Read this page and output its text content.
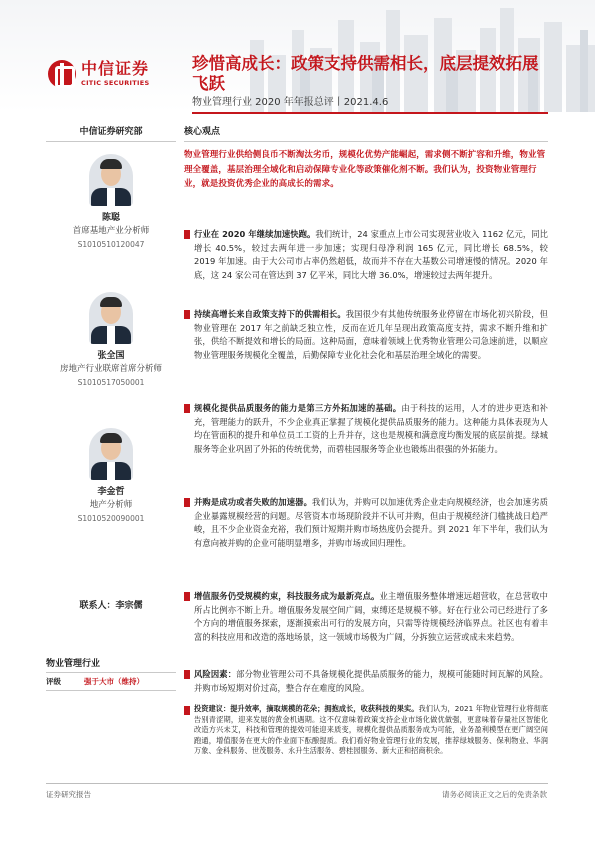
中信证券
CITIC SECURITIES
珍惜高成长：政策支持供需相长，底层提效拓展飞跃
物业管理行业 2020 年年报总评丨2021.4.6
中信证券研究部
陈聪
首席基地产业分析师
S1010510120047
张全国
房地产行业联席首席分析师
S1010517050001
李金哲
地产分析师
S1010520090001
联系人：李宗儒
物业管理行业
评级	强于大市（维持）
核心观点
物业管理行业供给侧良币不断淘汰劣币，规模化优势产能崛起，需求侧不断扩容和升维，物业管理全覆盖，基层治理全域化和启动保障专业化等政策催化剂不断。我们认为，投资物业管理行业，就是投资优秀企业的高成长的需求。
行业在 2020 年继续加速快跑。我们统计，24 家重点上市公司实现营业收入 1162 亿元，同比增长 40.5%，较过去两年进一步加速；实现归母净利润 165 亿元，同比增长 68.5%，较 2019 年加速。由于大公司市占率仍然超低，故而并不存在大基数公司增速慢的情况。2020 年底，这 24 家公司在管达到 37 亿平米，同比大增 36.0%，增速较过去两年提升。
持续高增长来自政策支持下的供需相长。我国很少有其他传统服务业停留在市场化初兴阶段，但物业管理在 2017 年之前缺乏独立性，反而在近几年呈现出政策高度支持，需求不断升维和扩张，供给不断提效和增长的局面。这种局面，意味着领域上优秀物业管理公司急速前进，以顺应物业管理服务规模化全覆盖，后勤保障专业化社会化和基层治理全域化的需要。
规模化提供品质服务的能力是第三方外拓加速的基础。由于科技的运用，人才的进步更迭和补充，管理能力的跃升，不少企业真正掌握了规模化提供品质服务的能力。这种能力具体表现为人均在管面积的提升和单位员工工资的上升并存，这也是规模和满意度均衡发展的底层前提。绿城服务等企业巩固了外拓的传统优势，而碧桂园服务等企业也锻炼出很强的外拓能力。
并购是成功或者失败的加速器。我们认为，并购可以加速优秀企业走向规模经济，也会加速劣质企业暴露规模经营的问题。尽管资本市场现阶段并不认可并购，但由于规模经济门槛挑战日趋严峻，且不少企业资金充裕，我们预计短期并购市场热度仍会提升。到 2021 年下半年，我们认为有意向被并购的企业可能明显增多，并购市场或回归理性。
增值服务仍受规模约束，科技服务成为最新亮点。业主增值服务整体增速远超营收，在总营收中所占比例亦不断上升。增值服务发展空间广阔，束缚还是规模不够。好在行业公司已经进行了多个方向的增值服务探索，逐渐摸索出可行的发展方向，只需等待规模经济临界点。社区也有着丰富的科技应用和改造的落地场景，这一领域市场极为广阔，分拆独立运营或成未来趋势。
风险因素：部分物业管理公司不具备规模化提供品质服务的能力，规模可能随时间瓦解的风险。并购市场短期对价过高，整合存在难度的风险。
投资建议：提升效率，摘取规模的花朵；拥抱成长，收获科技的果实。我们认为，2021 年物业管理行业将彻底告别青涩期，迎来发展的黄金机遇期。这不仅意味着政策支持企业市场化做优做强，更意味着存量社区智能化改造方兴未艾，科技和管理的提效可能迎来质变，规模化提供品质服务成为可能，业务盈利模型在更广阔空间跑通，增值服务在更大的作业面下酝酿提质。我们看好物业管理行业的发展，推荐绿城服务、保利物业、华润万象、金科服务、世茂服务、永升生活服务、碧桂园服务、新大正和招商积余。
证券研究报告	请务必阅读正文之后的免责条款
